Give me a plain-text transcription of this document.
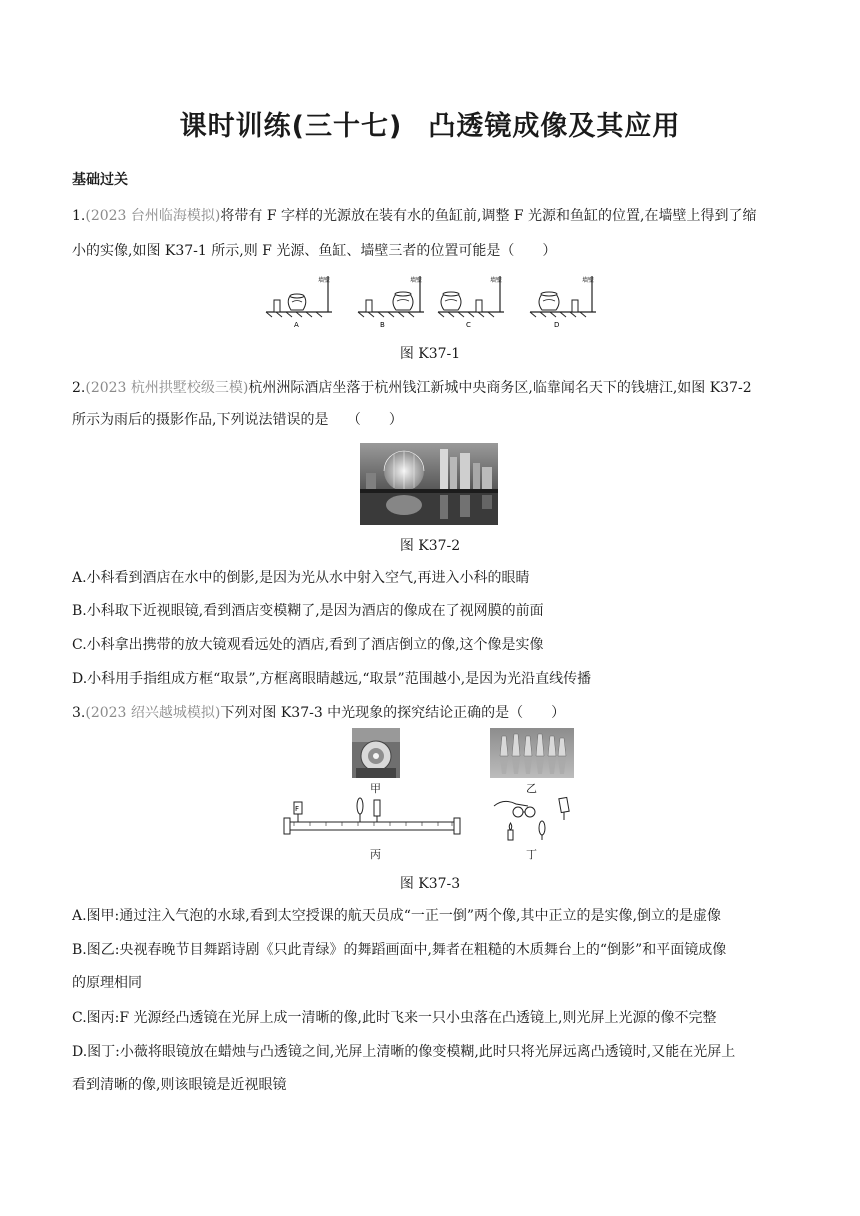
课时训练(三十七) 凸透镜成像及其应用
基础过关
1.(2023 台州临海模拟)将带有 F 字样的光源放在装有水的鱼缸前,调整 F 光源和鱼缸的位置,在墙壁上得到了缩
小的实像,如图 K37-1 所示,则 F 光源、鱼缸、墙壁三者的位置可能是（　　）
A
墙壁
B
墙壁
C
墙壁
D
墙壁
图 K37-1
2.(2023 杭州拱墅校级三模)杭州洲际酒店坐落于杭州钱江新城中央商务区,临靠闻名天下的钱塘江,如图 K37-2
所示为雨后的摄影作品,下列说法错误的是　 （　　）
图 K37-2
A.小科看到酒店在水中的倒影,是因为光从水中射入空气,再进入小科的眼睛
B.小科取下近视眼镜,看到酒店变模糊了,是因为酒店的像成在了视网膜的前面
C.小科拿出携带的放大镜观看远处的酒店,看到了酒店倒立的像,这个像是实像
D.小科用手指组成方框“取景”,方框离眼睛越远,“取景”范围越小,是因为光沿直线传播
3.(2023 绍兴越城模拟)下列对图 K37-3 中光现象的探究结论正确的是（　　）
甲	乙
F
丙	丁
图 K37-3
A.图甲:通过注入气泡的水球,看到太空授课的航天员成“一正一倒”两个像,其中正立的是实像,倒立的是虚像
B.图乙:央视春晚节目舞蹈诗剧《只此青绿》的舞蹈画面中,舞者在粗糙的木质舞台上的“倒影”和平面镜成像
的原理相同
C.图丙:F 光源经凸透镜在光屏上成一清晰的像,此时飞来一只小虫落在凸透镜上,则光屏上光源的像不完整
D.图丁:小薇将眼镜放在蜡烛与凸透镜之间,光屏上清晰的像变模糊,此时只将光屏远离凸透镜时,又能在光屏上
看到清晰的像,则该眼镜是近视眼镜
